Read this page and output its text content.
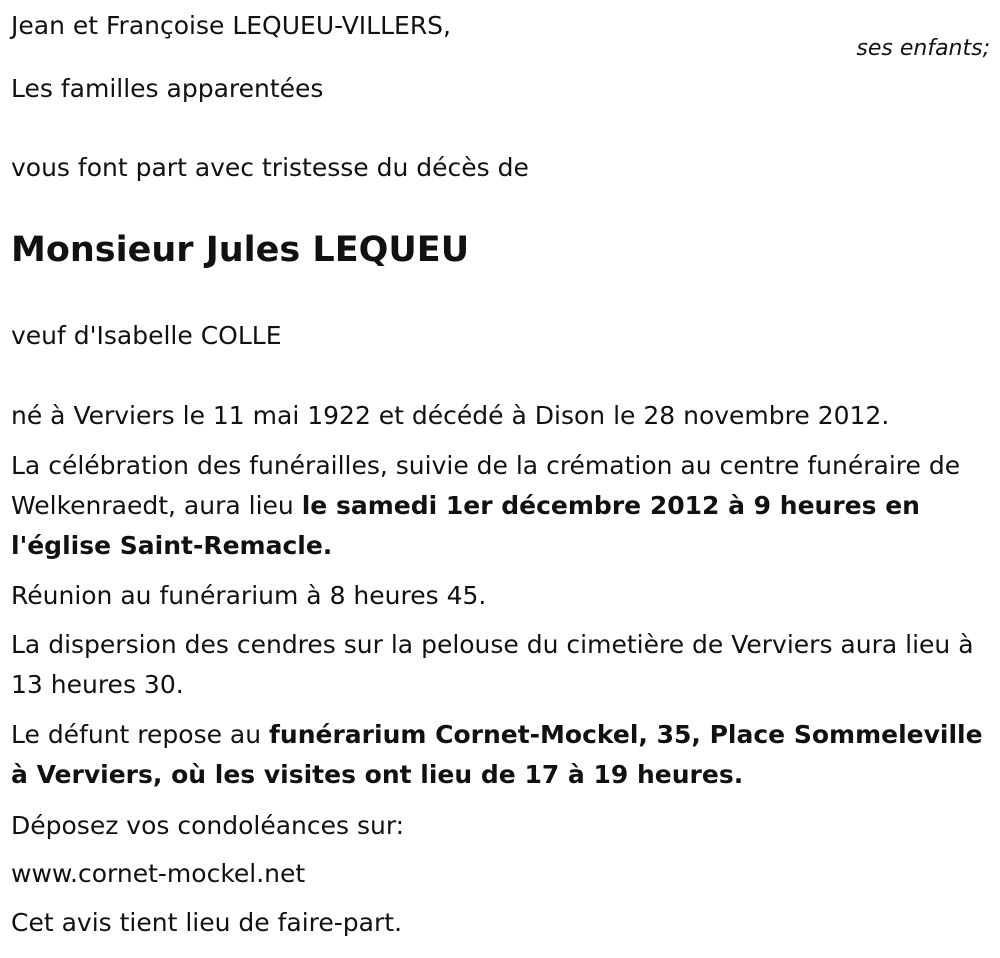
Jean et Françoise LEQUEU-VILLERS,
ses enfants;
Les familles apparentées
vous font part avec tristesse du décès de
Monsieur Jules LEQUEU
veuf d'Isabelle COLLE
né à Verviers le 11 mai 1922 et décédé à Dison le 28 novembre 2012.
La célébration des funérailles, suivie de la crémation au centre funéraire de Welkenraedt, aura lieu le samedi 1er décembre 2012 à 9 heures en l'église Saint-Remacle.
Réunion au funérarium à 8 heures 45.
La dispersion des cendres sur la pelouse du cimetière de Verviers aura lieu à 13 heures 30.
Le défunt repose au funérarium Cornet-Mockel, 35, Place Sommeleville à Verviers, où les visites ont lieu de 17 à 19 heures.
Déposez vos condoléances sur:
www.cornet-mockel.net
Cet avis tient lieu de faire-part.
